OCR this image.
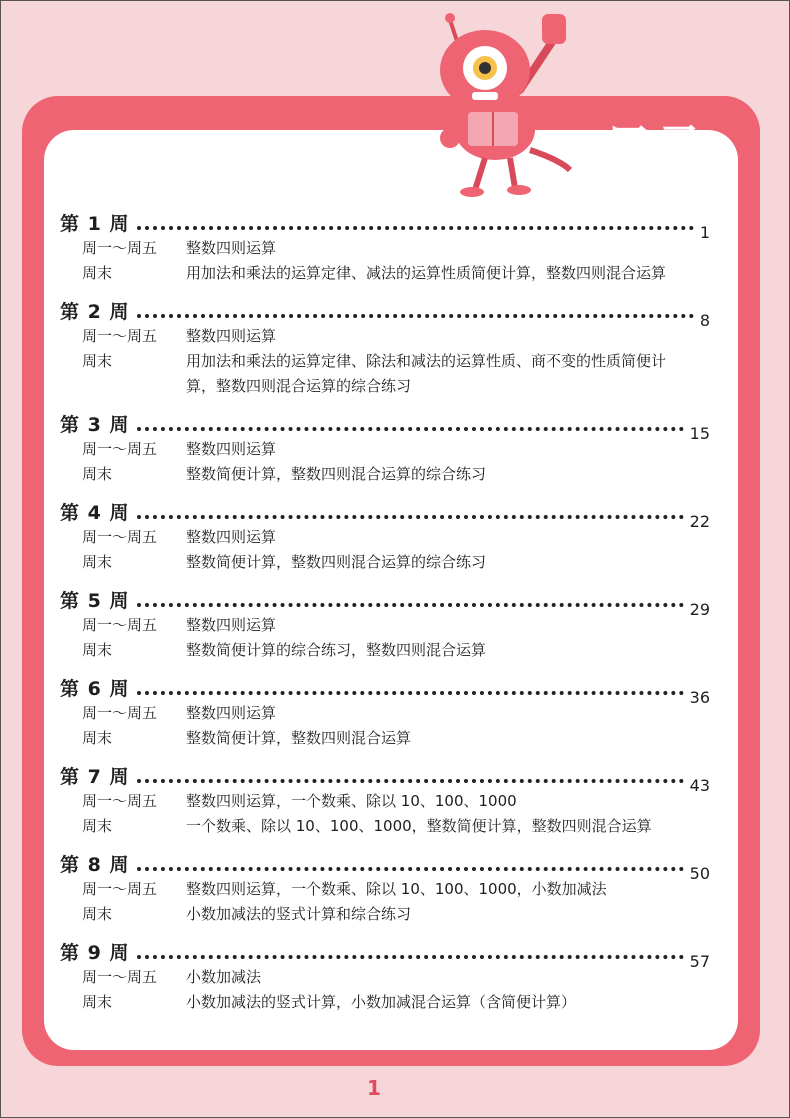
目录
第 1 周	1
周一～周五	整数四则运算
周末	用加法和乘法的运算定律、减法的运算性质简便计算，整数四则混合运算
第 2 周	8
周一～周五	整数四则运算
周末	用加法和乘法的运算定律、除法和减法的运算性质、商不变的性质简便计算，整数四则混合运算的综合练习
第 3 周	15
周一～周五	整数四则运算
周末	整数简便计算，整数四则混合运算的综合练习
第 4 周	22
周一～周五	整数四则运算
周末	整数简便计算，整数四则混合运算的综合练习
第 5 周	29
周一～周五	整数四则运算
周末	整数简便计算的综合练习，整数四则混合运算
第 6 周	36
周一～周五	整数四则运算
周末	整数简便计算，整数四则混合运算
第 7 周	43
周一～周五	整数四则运算，一个数乘、除以 10、100、1000
周末	一个数乘、除以 10、100、1000，整数简便计算，整数四则混合运算
第 8 周	50
周一～周五	整数四则运算，一个数乘、除以 10、100、1000，小数加减法
周末	小数加减法的竖式计算和综合练习
第 9 周	57
周一～周五	小数加减法
周末	小数加减法的竖式计算，小数加减混合运算（含简便计算）
1
